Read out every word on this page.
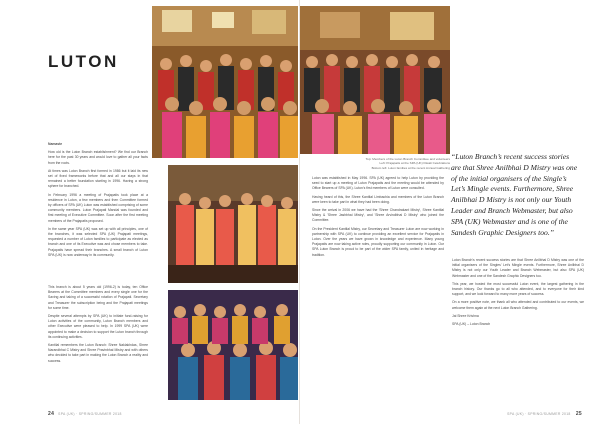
LUTON

Namaste

How old is the Luton Branch establishment? We find our Branch here for the past 30 years and would love to gather all your facts from the roots.

At times was Luton Branch first formed in 1986 but it laid its new set of fixed frameworks before that and all our stays in that remained a better foundation starting in 1996. Having a strong sphere for branched.

In February 1996 a meeting of Prajapatis took place at a residence in Luton, a few members and then Committee formed by officers of SPA (UK) Luton was established comprising of some community members. Luton Prajapati Mandal was founded and first meeting of Executive Committee. Soon after the first meeting members of the Prajapatis proposed.

In the same year SPA (UK) was set up with all principles, one of the branches, it was selected SPA (UK) Prajapati meetings, requested a number of Luton families to participate as elected as branch and one of its Executive was and chose members to take. Prajapatis have spread their branches. A small branch of Luton SPA (UK) is now underway in its community.

This branch is about 5 years old (1996-2) is today, ten Office Bearers at the Committee members and every single one for the Saving and taking of a successful rotation of Prajapati. Secretary and Treasurer the subscription being and the Prajapati meetings for some time.

Despite several attempts by SPA (UK) to initiate fund-raising for Luton activities of the community, Luton Branch members and other Executive were pleased to help. In 1999 SPA (UK) were appointed to make a decision to support the Luton branch through its continuing activities.

Kantilal remembers the Luton Branch: Shree Naklakhdas, Shree Narandbhai C Mistry and Shree Pravinbhai Mistry and with others who decided to take part in making the Luton Branch a reality and success.

24 SPA (UK) · SPRING/SUMMER 2018
Top: Members of the Luton Branch Committee and volunteers
Left: Prajapatis at the SPA (UK) Diwali Celebrations
Bottom left: Luton families at the recent Annual Gathering

Luton was established in May 1996. SPA (UK) agreed to help Luton by providing the seed to start up a meeting of Luton Prajapatis and the meeting would be attended by Office Bearers of SPA (UK). Luton's first members of Luton were consulted.

Having heard of this, the Shree Kantilal Limbachia and members of the Luton Branch were keen to take part in what they had been doing.

Since the arrival in 2006 we have had the 'Shree Chandrakant Mistry', Shree Kantilal Mistry & 'Shree Jashbhai Mistry', and 'Shree Arvindbhai D Mistry' who joined the Committee.

On the President Kantilal Mistry, our Secretary and Treasurer Luton are now working in partnership with SPA (UK) to continue providing an excellent service for Prajapatis in Luton. Over the years we have grown in knowledge and experience. Many young Prajapatis are now taking active roles, proudly supporting our community in Luton. Our SPA Luton Branch is proud to be part of the wider SPA family, united in heritage and tradition.

Luton Branch's recent success stories are that Shree Anilbhai D Mistry was one of the initial organisers of the Singles' Let's Mingle events. Furthermore, Shree Anilbhai D Mistry is not only our Youth Leader and Branch Webmaster, but also SPA (UK) Webmaster and one of the Sandesh Graphic Designers too.

This year, we hosted the most successful Luton event, the largest gathering in the branch history. Our thanks go to all who attended, and to everyone for their kind support, and we look forward to many more years of success.

On a more positive note, we thank all who attended and contributed to our events, we welcome them again at the next Luton Branch Gathering.

Jai Shree Krishna

SPA (UK) – Luton Branch

SPA (UK) · SPRING/SUMMER 2018 25
“Luton Branch’s recent success stories are that Shree Anilbhai D Mistry was one of the initial organisers of the Single’s Let’s Mingle events. Furthermore, Shree Anilbhai D Mistry is not only our Youth Leader and Branch Webmaster, but also SPA (UK) Webmaster and is one of the Sandesh Graphic Designers too.”
